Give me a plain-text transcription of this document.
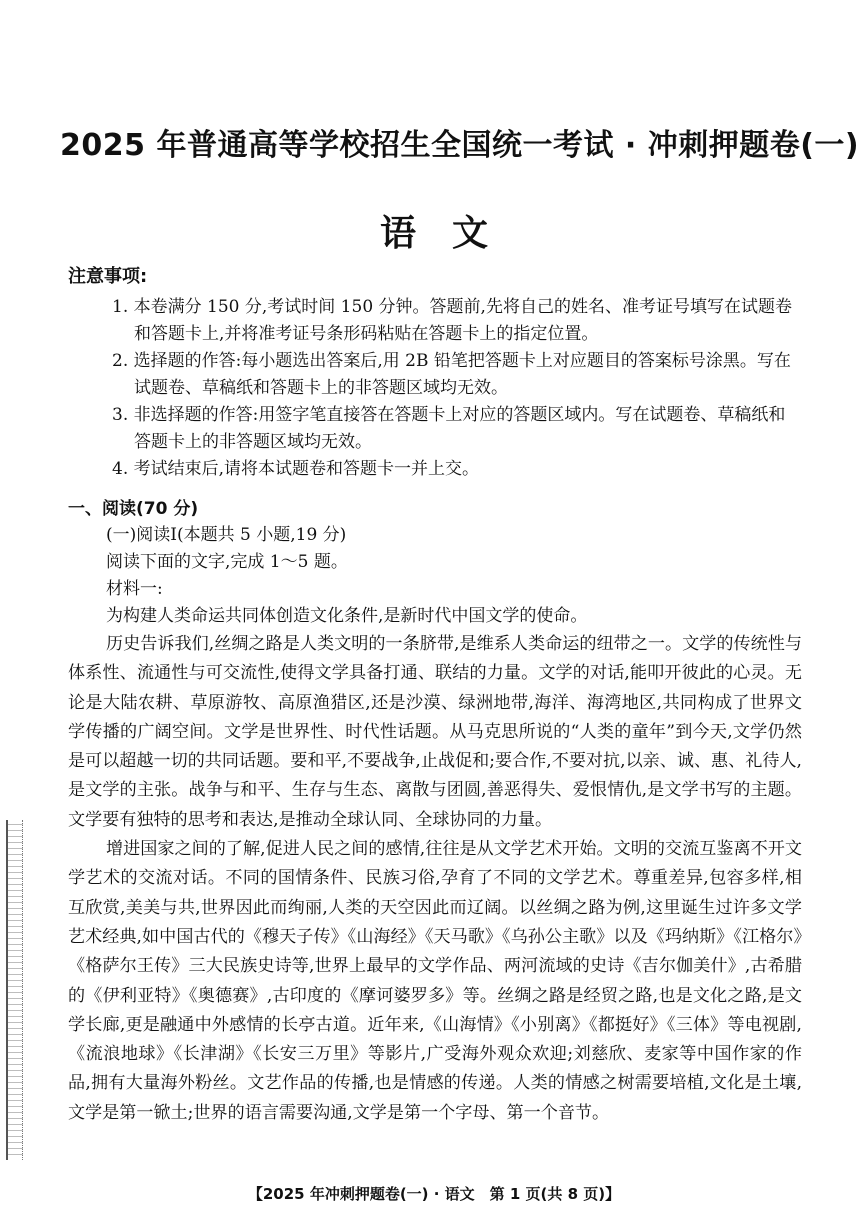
2025 年普通高等学校招生全国统一考试 · 冲刺押题卷(一)
语文
注意事项:
1. 本卷满分 150 分,考试时间 150 分钟。答题前,先将自己的姓名、准考证号填写在试题卷和答题卡上,并将准考证号条形码粘贴在答题卡上的指定位置。
2. 选择题的作答:每小题选出答案后,用 2B 铅笔把答题卡上对应题目的答案标号涂黑。写在试题卷、草稿纸和答题卡上的非答题区域均无效。
3. 非选择题的作答:用签字笔直接答在答题卡上对应的答题区域内。写在试题卷、草稿纸和答题卡上的非答题区域均无效。
4. 考试结束后,请将本试题卷和答题卡一并上交。
一、阅读(70 分)
(一)阅读Ⅰ(本题共 5 小题,19 分)
阅读下面的文字,完成 1～5 题。
材料一:
为构建人类命运共同体创造文化条件,是新时代中国文学的使命。
历史告诉我们,丝绸之路是人类文明的一条脐带,是维系人类命运的纽带之一。文学的传统性与体系性、流通性与可交流性,使得文学具备打通、联结的力量。文学的对话,能叩开彼此的心灵。无论是大陆农耕、草原游牧、高原渔猎区,还是沙漠、绿洲地带,海洋、海湾地区,共同构成了世界文学传播的广阔空间。文学是世界性、时代性话题。从马克思所说的“人类的童年”到今天,文学仍然是可以超越一切的共同话题。要和平,不要战争,止战促和;要合作,不要对抗,以亲、诚、惠、礼待人,是文学的主张。战争与和平、生存与生态、离散与团圆,善恶得失、爱恨情仇,是文学书写的主题。文学要有独特的思考和表达,是推动全球认同、全球协同的力量。
增进国家之间的了解,促进人民之间的感情,往往是从文学艺术开始。文明的交流互鉴离不开文学艺术的交流对话。不同的国情条件、民族习俗,孕育了不同的文学艺术。尊重差异,包容多样,相互欣赏,美美与共,世界因此而绚丽,人类的天空因此而辽阔。以丝绸之路为例,这里诞生过许多文学艺术经典,如中国古代的《穆天子传》《山海经》《天马歌》《乌孙公主歌》以及《玛纳斯》《江格尔》《格萨尔王传》三大民族史诗等,世界上最早的文学作品、两河流域的史诗《吉尔伽美什》,古希腊的《伊利亚特》《奥德赛》,古印度的《摩诃婆罗多》等。丝绸之路是经贸之路,也是文化之路,是文学长廊,更是融通中外感情的长亭古道。近年来,《山海情》《小别离》《都挺好》《三体》等电视剧,《流浪地球》《长津湖》《长安三万里》等影片,广受海外观众欢迎;刘慈欣、麦家等中国作家的作品,拥有大量海外粉丝。文艺作品的传播,也是情感的传递。人类的情感之树需要培植,文化是土壤,文学是第一锨土;世界的语言需要沟通,文学是第一个字母、第一个音节。
【2025 年冲刺押题卷(一) · 语文　第 1 页(共 8 页)】
